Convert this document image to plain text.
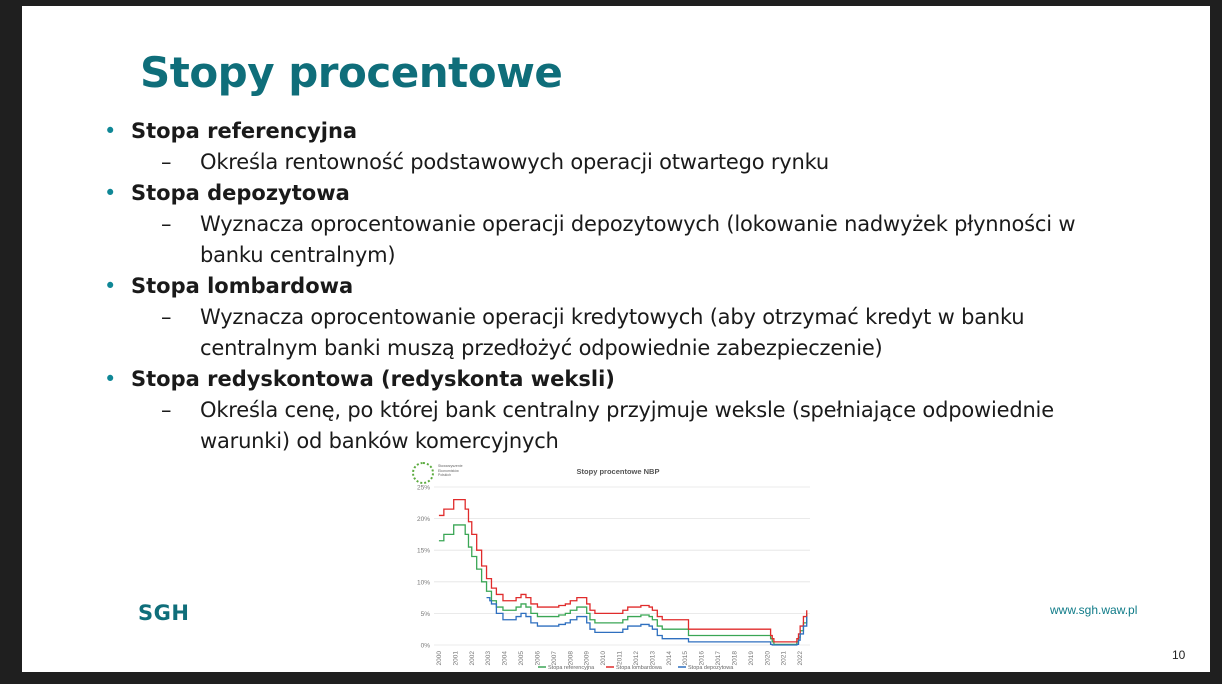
Stopy procentowe
• Stopa referencyjna
– Określa rentowność podstawowych operacji otwartego rynku
• Stopa depozytowa
– Wyznacza oprocentowanie operacji depozytowych (lokowanie nadwyżek płynności w
banku centralnym)
• Stopa lombardowa
– Wyznacza oprocentowanie operacji kredytowych (aby otrzymać kredyt w banku
centralnym banki muszą przedłożyć odpowiednie zabezpieczenie)
• Stopa redyskontowa (redyskonta weksli)
– Określa cenę, po której bank centralny przyjmuje weksle (spełniające odpowiednie
warunki) od banków komercyjnych
Stowarzyszenie Ekonomistów Polskich	Stopy procentowe NBP
0%
5%
10%
15%
20%
25%
2000 2001 2002 2003 2004 2005 2006 2007 2008 2009 2010 2011 2012 2013 2014 2015 2016 2017 2018 2019 2020 2021 2022
Stopa referencyjna	Stopa lombardowa	Stopa depozytowa
SGH	www.sgh.waw.pl
10
